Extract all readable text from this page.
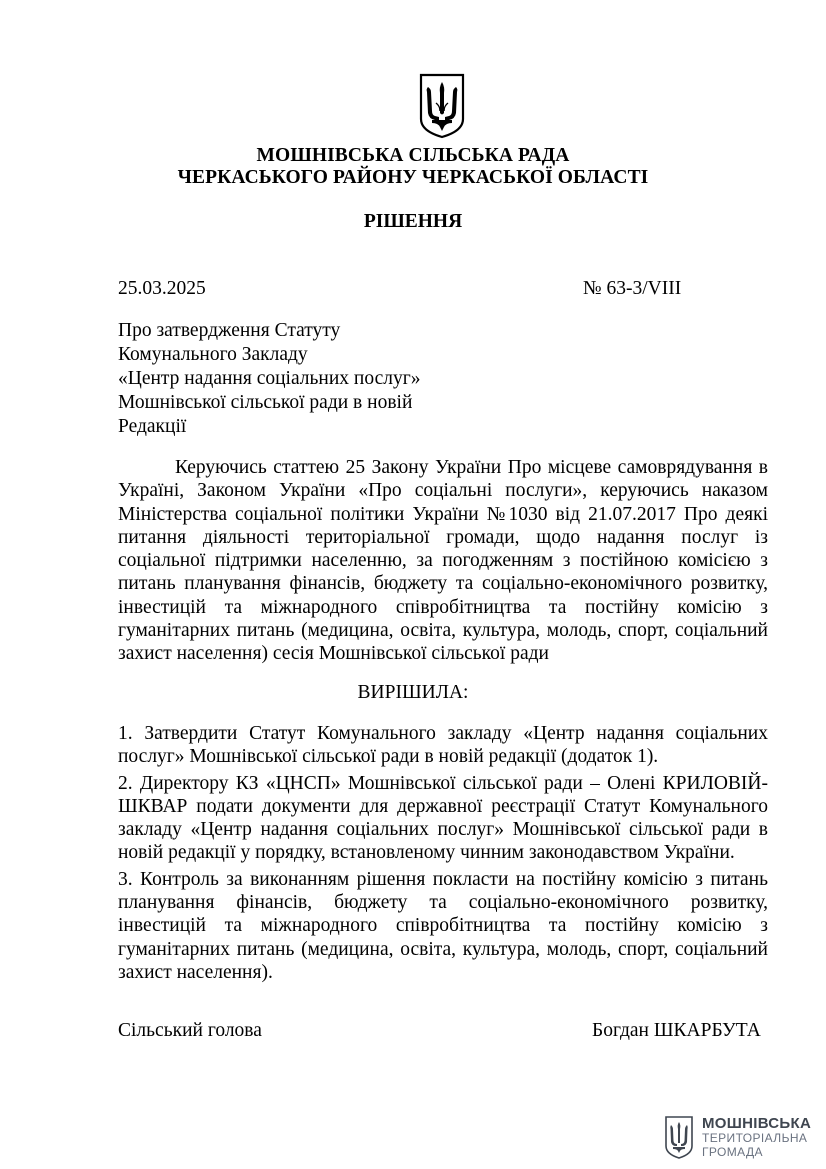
МОШНІВСЬКА СІЛЬСЬКА РАДА
ЧЕРКАСЬКОГО РАЙОНУ ЧЕРКАСЬКОЇ ОБЛАСТІ
РІШЕННЯ
25.03.2025	№ 63-3/VIII
Про затвердження Статуту
Комунального Закладу
«Центр надання соціальних послуг»
Мошнівської сільської ради в новій
Редакції
Керуючись статтею 25 Закону України Про місцеве самоврядування в Україні, Законом України «Про соціальні послуги», керуючись наказом Міністерства соціальної політики України №1030 від 21.07.2017 Про деякі питання діяльності територіальної громади, щодо надання послуг із соціальної підтримки населенню, за погодженням з постійною комісією з питань планування фінансів, бюджету та соціально-економічного розвитку, інвестицій та міжнародного співробітництва та постійну комісію з гуманітарних питань (медицина, освіта, культура, молодь, спорт, соціальний захист населення) сесія Мошнівської сільської ради
ВИРІШИЛА:

1. Затвердити Статут Комунального закладу «Центр надання соціальних послуг» Мошнівської сільської ради в новій редакції (додаток 1).

2. Директору КЗ «ЦНСП» Мошнівської сільської ради – Олені КРИЛОВІЙ-ШКВАР подати документи для державної реєстрації Статут Комунального закладу «Центр надання соціальних послуг» Мошнівської сільської ради в новій редакції у порядку, встановленому чинним законодавством України.

3. Контроль за виконанням рішення покласти на постійну комісію з питань планування фінансів, бюджету та соціально-економічного розвитку, інвестицій та міжнародного співробітництва та постійну комісію з гуманітарних питань (медицина, освіта, культура, молодь, спорт, соціальний захист населення).

Сільський голова	Богдан ШКАРБУТА
МОШНІВСЬКА
ТЕРИТОРІАЛЬНА
ГРОМАДА
